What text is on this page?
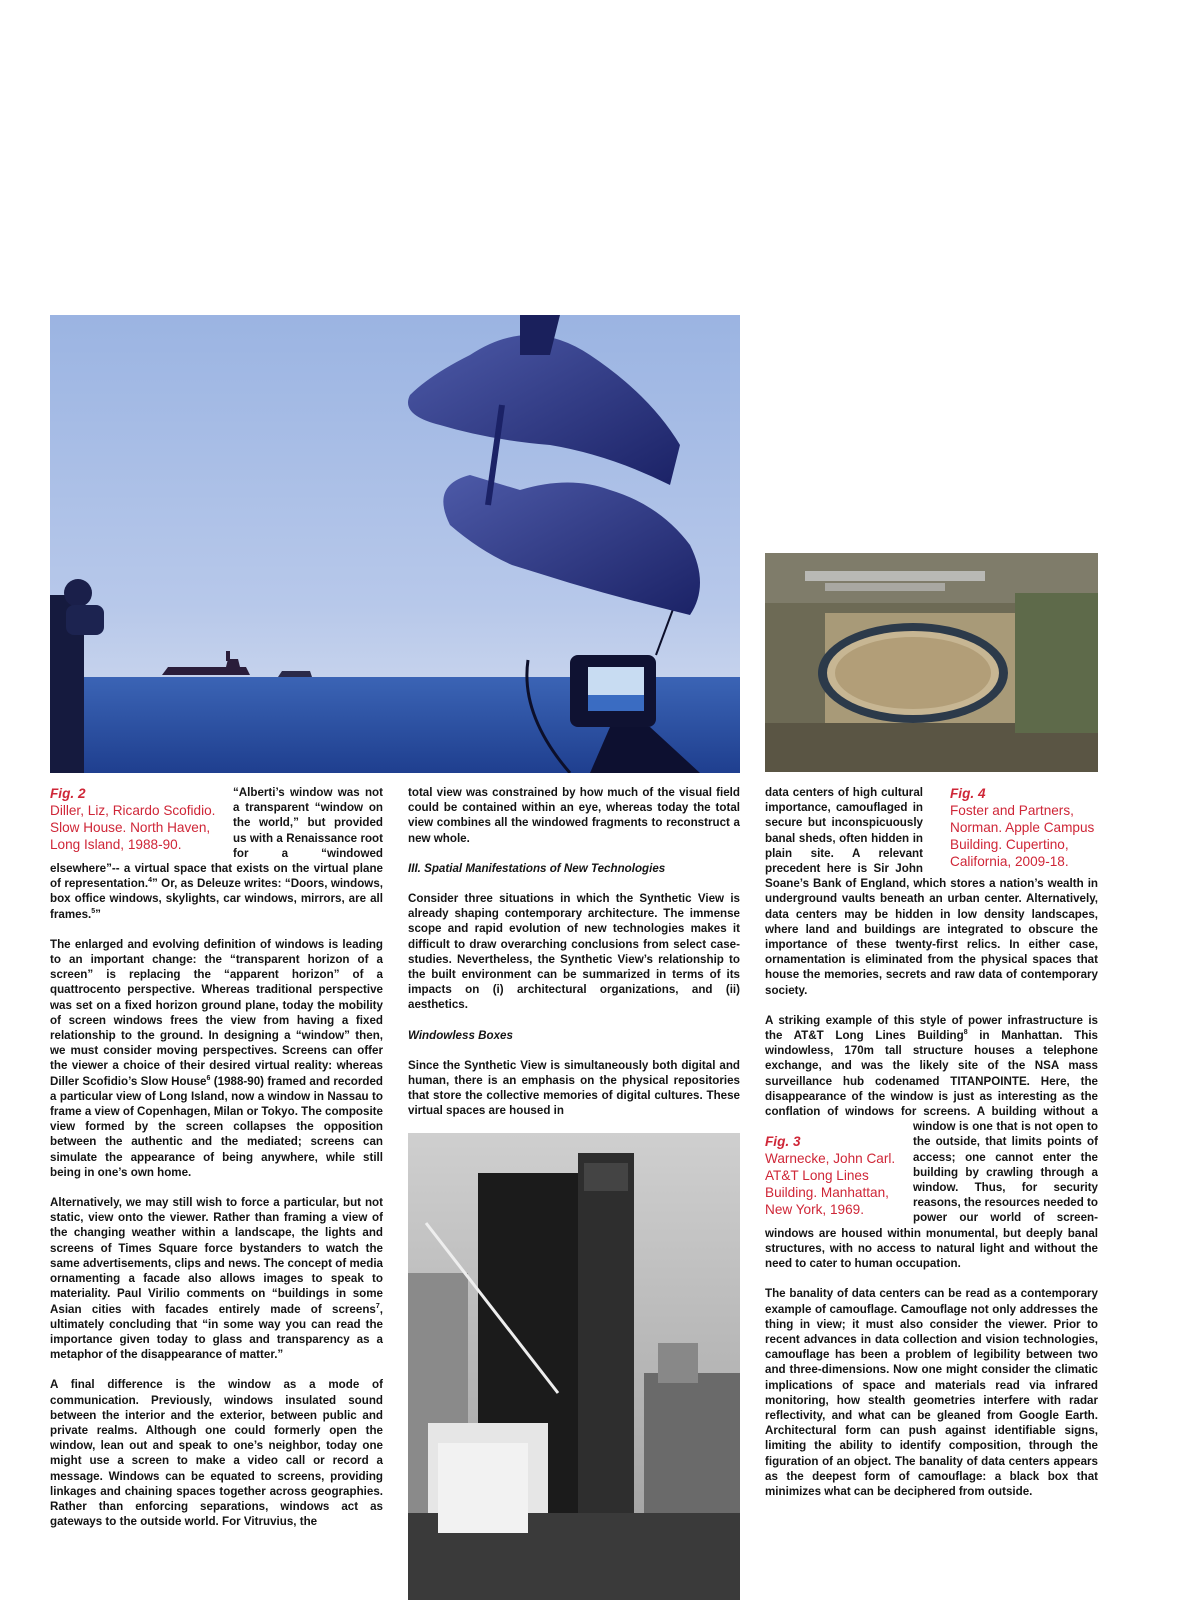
Fig. 2
Diller, Liz, Ricardo Scofidio. Slow House. North Haven, Long Island, 1988-90.

“Alberti’s window was not a transparent “window on the world,” but provided us with a Renaissance root for a “windowed elsewhere”-- a virtual space that exists on the virtual plane of representation.$^4$” Or, as Deleuze writes: “Doors, windows, box office windows, skylights, car windows, mirrors, are all frames.$^5$”

The enlarged and evolving definition of windows is leading to an important change: the “transparent horizon of a screen” is replacing the “apparent horizon” of a quattrocento perspective. Whereas traditional perspective was set on a fixed horizon ground plane, today the mobility of screen windows frees the view from having a fixed relationship to the ground. In designing a “window” then, we must consider moving perspectives. Screens can offer the viewer a choice of their desired virtual reality: whereas Diller Scofidio’s Slow House$^6$ (1988-90) framed and recorded a particular view of Long Island, now a window in Nassau to frame a view of Copenhagen, Milan or Tokyo. The composite view formed by the screen collapses the opposition between the authentic and the mediated; screens can simulate the appearance of being anywhere, while still being in one’s own home.

Alternatively, we may still wish to force a particular, but not static, view onto the viewer. Rather than framing a view of the changing weather within a landscape, the lights and screens of Times Square force bystanders to watch the same advertisements, clips and news. The concept of media ornamenting a facade also allows images to speak to materiality. Paul Virilio comments on “buildings in some Asian cities with facades entirely made of screens$^7$, ultimately concluding that “in some way you can read the importance given today to glass and transparency as a metaphor of the disappearance of matter.”

A final difference is the window as a mode of communication. Previously, windows insulated sound between the interior and the exterior, between public and private realms. Although one could formerly open the window, lean out and speak to one’s neighbor, today one might use a screen to make a video call or record a message. Windows can be equated to screens, providing linkages and chaining spaces together across geographies. Rather than enforcing separations, windows act as gateways to the outside world. For Vitruvius, the

total view was constrained by how much of the visual field could be contained within an eye, whereas today the total view combines all the windowed fragments to reconstruct a new whole.

III. Spatial Manifestations of New Technologies

Consider three situations in which the Synthetic View is already shaping contemporary architecture. The immense scope and rapid evolution of new technologies makes it difficult to draw overarching conclusions from select case-studies. Nevertheless, the Synthetic View’s relationship to the built environment can be summarized in terms of its impacts on (i) architectural organizations, and (ii) aesthetics.

Windowless Boxes

Since the Synthetic View is simultaneously both digital and human, there is an emphasis on the physical repositories that store the collective memories of digital cultures. These virtual spaces are housed in

Fig. 4
Foster and Partners, Norman. Apple Campus Building. Cupertino, California, 2009-18.
Fig. 3
Warnecke, John Carl. AT&T Long Lines Building. Manhattan, New York, 1969.

data centers of high cultural importance, camouflaged in secure but inconspicuously banal sheds, often hidden in plain site. A relevant precedent here is Sir John Soane’s Bank of England, which stores a nation’s wealth in underground vaults beneath an urban center. Alternatively, data centers may be hidden in low density landscapes, where land and buildings are integrated to obscure the importance of these twenty-first relics. In either case, ornamentation is eliminated from the physical spaces that house the memories, secrets and raw data of contemporary society.

A striking example of this style of power infrastructure is the AT&T Long Lines Building$^8$ in Manhattan. This windowless, 170m tall structure houses a telephone exchange, and was the likely site of the NSA mass surveillance hub codenamed TITANPOINTE. Here, the disappearance of the window is just as interesting as the conflation of windows for screens. A building without a window is one that is not open to the outside, that limits points of access; one cannot enter the building by crawling through a window. Thus, for security reasons, the resources needed to power our world of screen-windows are housed within monumental, but deeply banal structures, with no access to natural light and without the need to cater to human occupation.

The banality of data centers can be read as a contemporary example of camouflage. Camouflage not only addresses the thing in view; it must also consider the viewer. Prior to recent advances in data collection and vision technologies, camouflage has been a problem of legibility between two and three-dimensions. Now one might consider the climatic implications of space and materials read via infrared monitoring, how stealth geometries interfere with radar reflectivity, and what can be gleaned from Google Earth. Architectural form can push against identifiable signs, limiting the ability to identify composition, through the figuration of an object. The banality of data centers appears as the deepest form of camouflage: a black box that minimizes what can be deciphered from outside.
